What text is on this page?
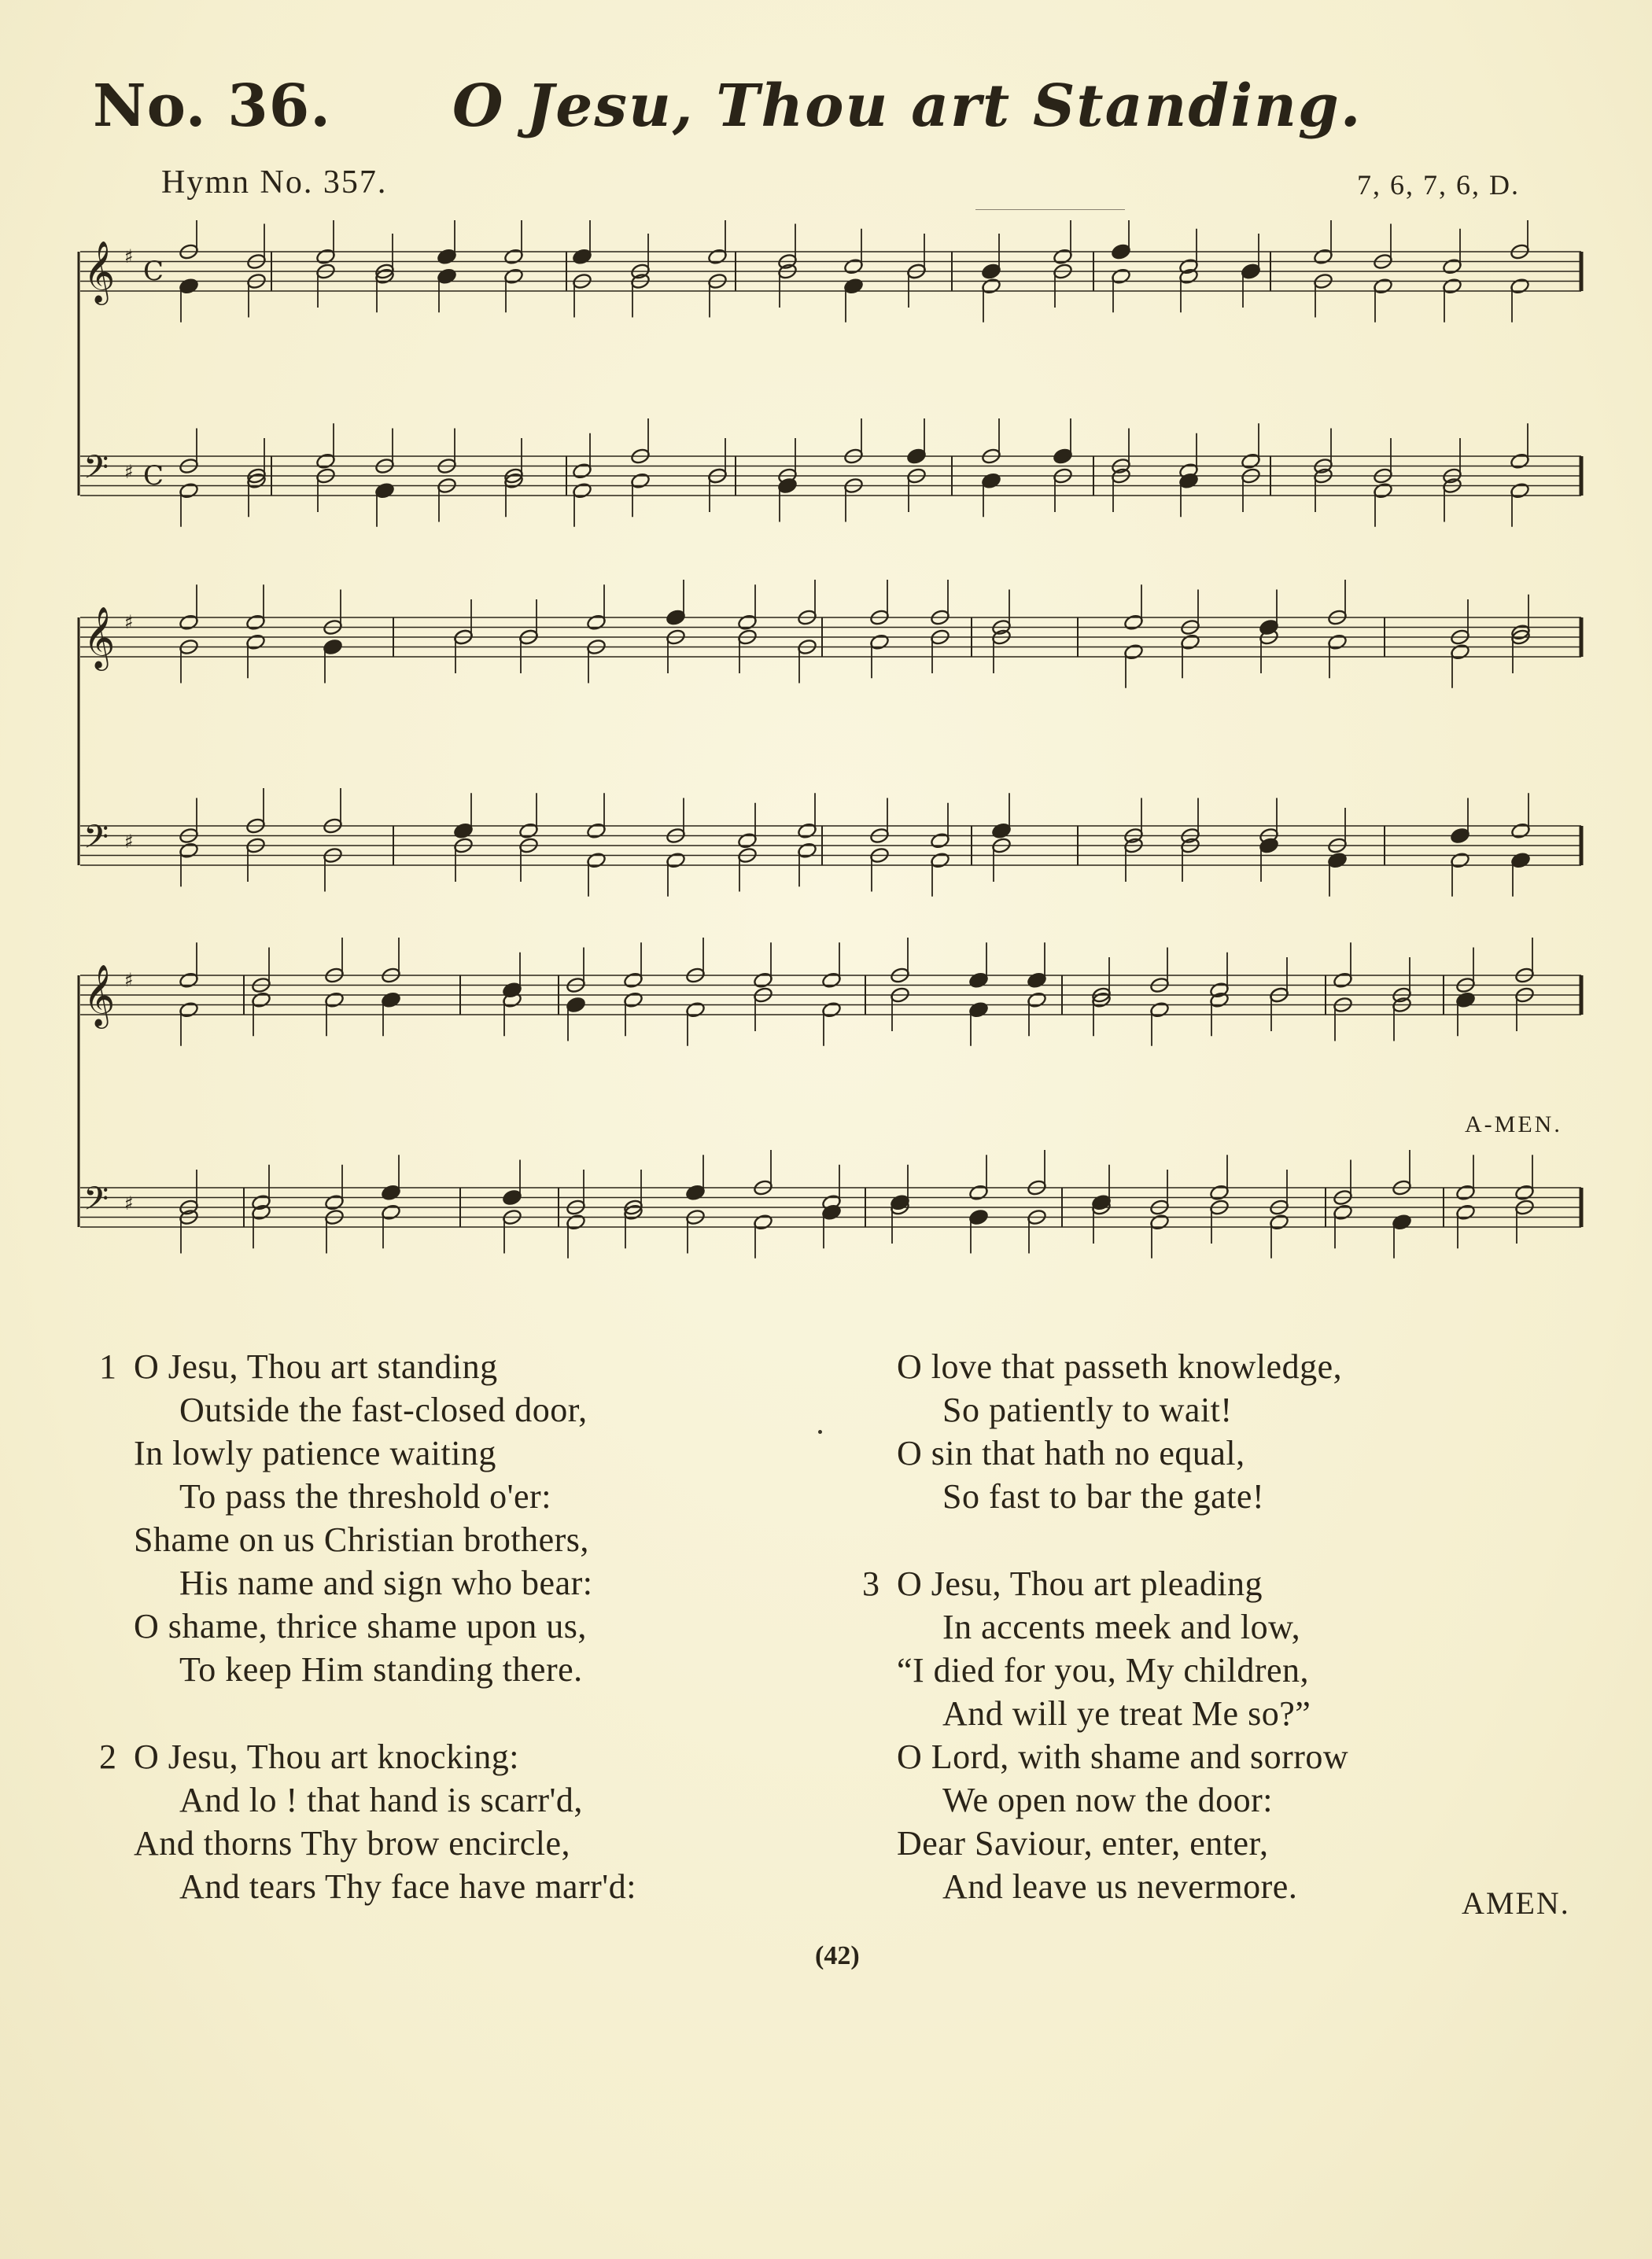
No. 36. O Jesu, Thou art Standing.
Hymn No. 357.	7, 6, 7, 6, D.
𝄞 ♯ C
𝄢 ♯ C
𝄞 ♯
𝄢 ♯
𝄞 ♯
𝄢 ♯
A-MEN.
1 O Jesu, Thou art standing
Outside the fast-closed door,
In lowly patience waiting
To pass the threshold o'er:
Shame on us Christian brothers,
His name and sign who bear:
O shame, thrice shame upon us,
To keep Him standing there.
2 O Jesu, Thou art knocking:
And lo ! that hand is scarr'd,
And thorns Thy brow encircle,
And tears Thy face have marr'd:
O love that passeth knowledge,
So patiently to wait!
O sin that hath no equal,
So fast to bar the gate!
3 O Jesu, Thou art pleading
In accents meek and low,
“I died for you, My children,
And will ye treat Me so?”
O Lord, with shame and sorrow
We open now the door:
Dear Saviour, enter, enter,
And leave us nevermore.	AMEN.
(42)
